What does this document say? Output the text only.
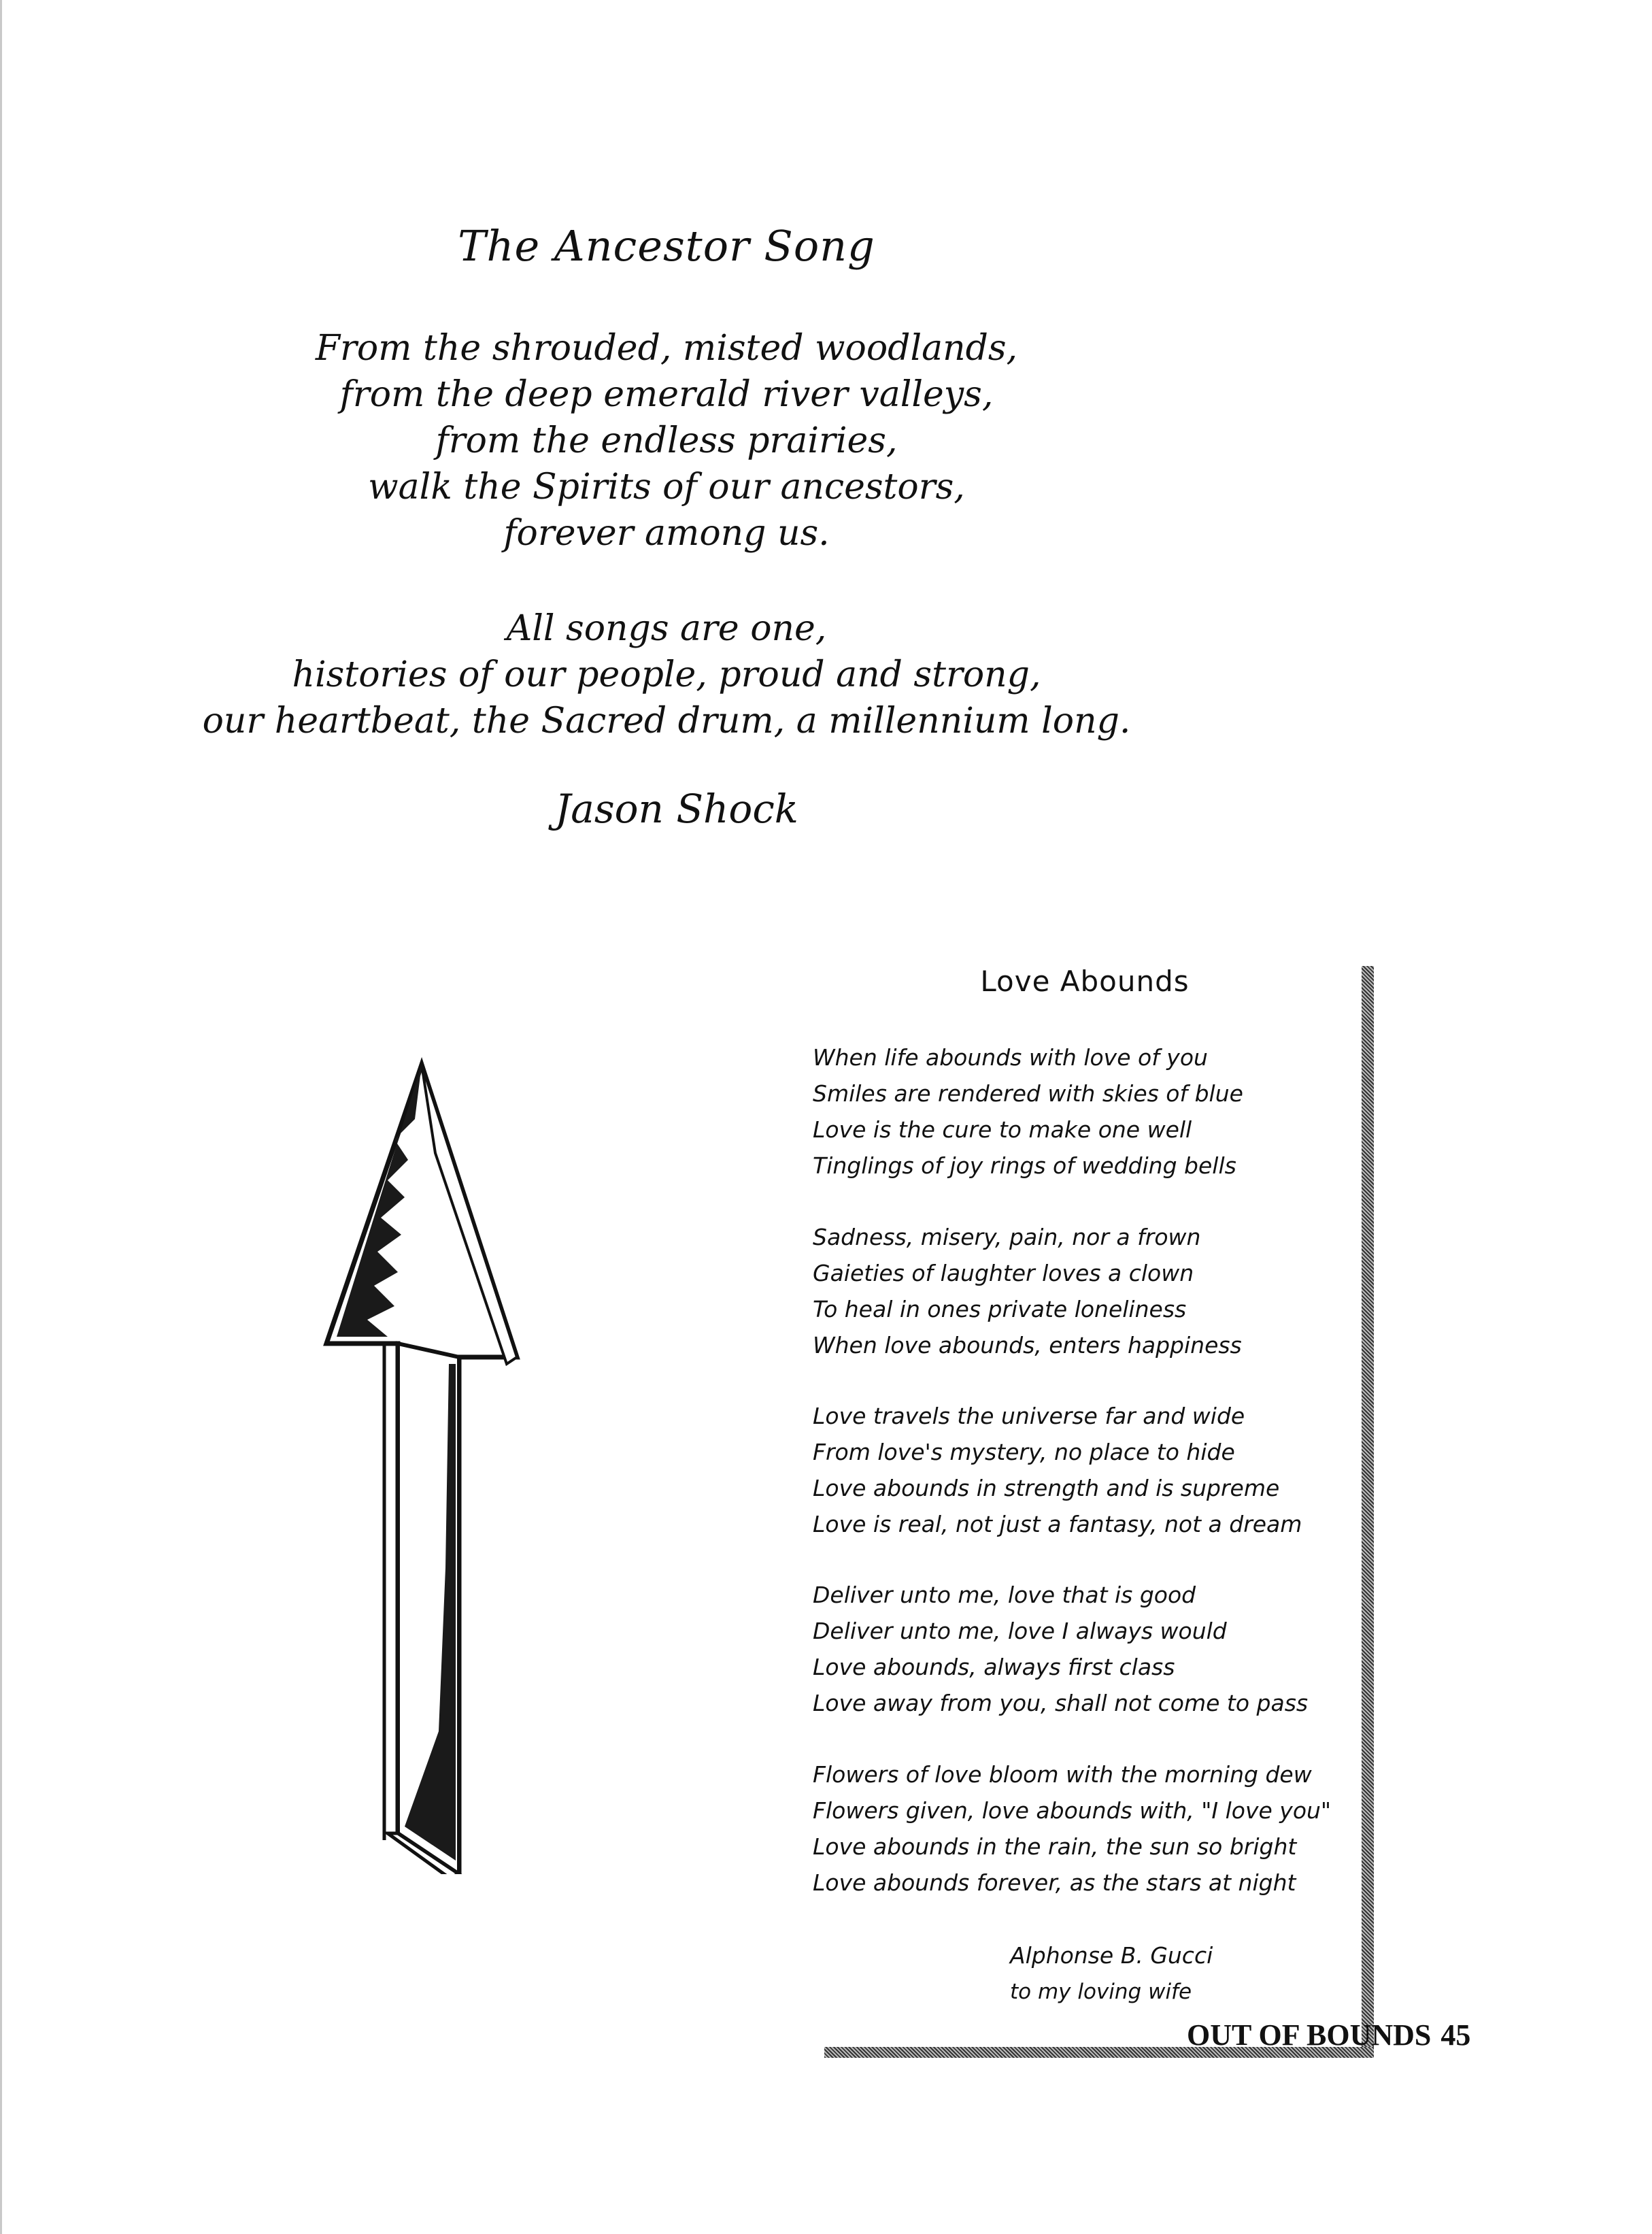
The Ancestor Song
From the shrouded, misted woodlands,
from the deep emerald river valleys,
from the endless prairies,
walk the Spirits of our ancestors,
forever among us.
All songs are one,
histories of our people, proud and strong,
our heartbeat, the Sacred drum, a millennium long.
Jason Shock
Love Abounds
When life abounds with love of you
Smiles are rendered with skies of blue
Love is the cure to make one well
Tinglings of joy rings of wedding bells
Sadness, misery, pain, nor a frown
Gaieties of laughter loves a clown
To heal in ones private loneliness
When love abounds, enters happiness
Love travels the universe far and wide
From love's mystery, no place to hide
Love abounds in strength and is supreme
Love is real, not just a fantasy, not a dream
Deliver unto me, love that is good
Deliver unto me, love I always would
Love abounds, always first class
Love away from you, shall not come to pass
Flowers of love bloom with the morning dew
Flowers given, love abounds with, "I love you"
Love abounds in the rain, the sun so bright
Love abounds forever, as the stars at night
Alphonse B. Gucci
to my loving wife
OUT OF BOUNDS 45
